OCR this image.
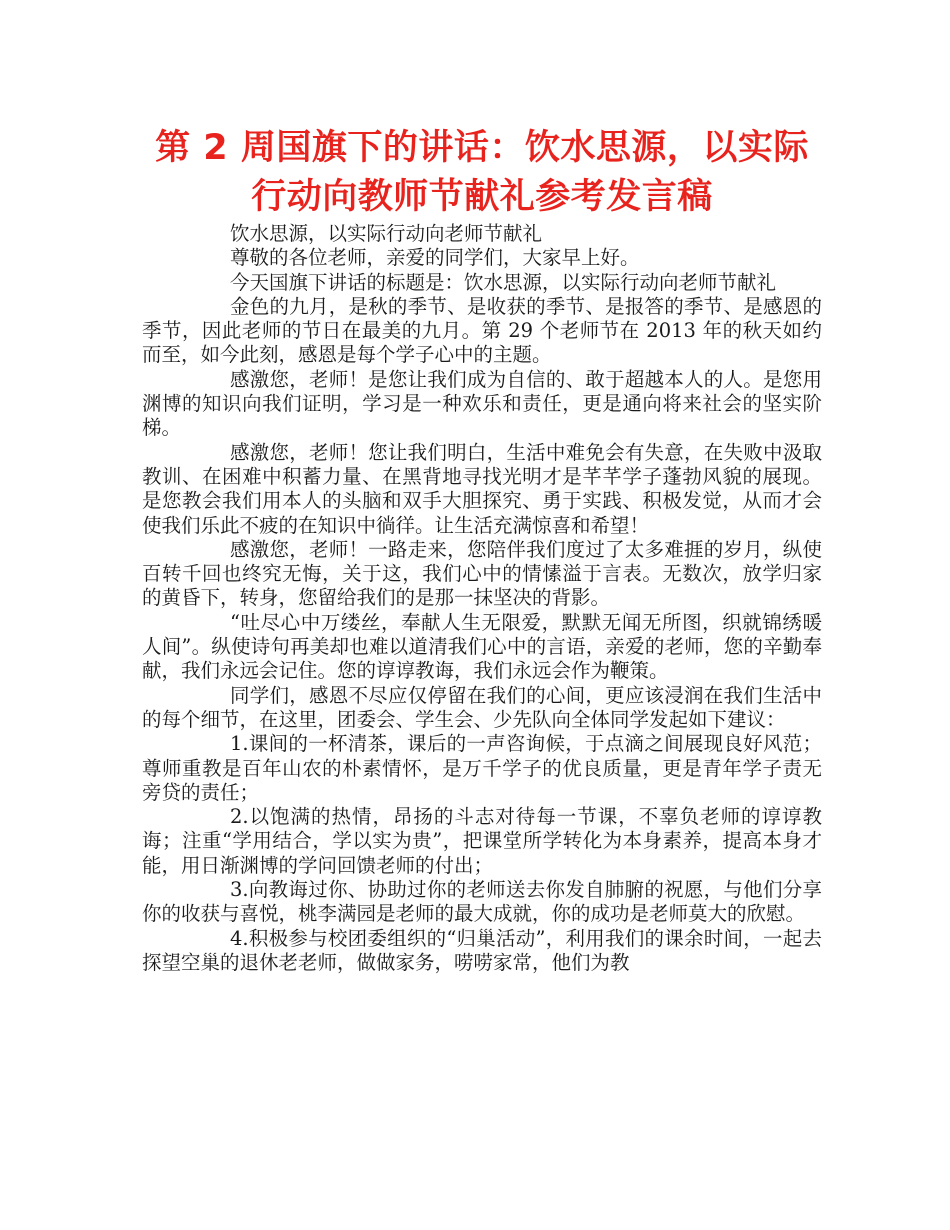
第 2 周国旗下的讲话：饮水思源，以实际
行动向教师节献礼参考发言稿

饮水思源，以实际行动向老师节献礼

尊敬的各位老师，亲爱的同学们，大家早上好。

今天国旗下讲话的标题是：饮水思源，以实际行动向老师节献礼

金色的九月，是秋的季节、是收获的季节、是报答的季节、是感恩的季节，因此老师的节日在最美的九月。第 29 个老师节在 2013 年的秋天如约而至，如今此刻，感恩是每个学子心中的主题。

感激您，老师！是您让我们成为自信的、敢于超越本人的人。是您用渊博的知识向我们证明，学习是一种欢乐和责任，更是通向将来社会的坚实阶梯。

感激您，老师！您让我们明白，生活中难免会有失意，在失败中汲取教训、在困难中积蓄力量、在黑背地寻找光明才是芊芊学子蓬勃风貌的展现。是您教会我们用本人的头脑和双手大胆探究、勇于实践、积极发觉，从而才会使我们乐此不疲的在知识中徜徉。让生活充满惊喜和希望！

感激您，老师！一路走来，您陪伴我们度过了太多难捱的岁月，纵使百转千回也终究无悔，关于这，我们心中的情愫溢于言表。无数次，放学归家的黄昏下，转身，您留给我们的是那一抹坚决的背影。

“吐尽心中万缕丝，奉献人生无限爱，默默无闻无所图，织就锦绣暖人间”。纵使诗句再美却也难以道清我们心中的言语，亲爱的老师，您的辛勤奉献，我们永远会记住。您的谆谆教诲，我们永远会作为鞭策。

同学们，感恩不尽应仅停留在我们的心间，更应该浸润在我们生活中的每个细节，在这里，团委会、学生会、少先队向全体同学发起如下建议：

1.课间的一杯清茶，课后的一声咨询候，于点滴之间展现良好风范；尊师重教是百年山农的朴素情怀，是万千学子的优良质量，更是青年学子责无旁贷的责任；

2.以饱满的热情，昂扬的斗志对待每一节课，不辜负老师的谆谆教诲；注重“学用结合，学以实为贵”，把课堂所学转化为本身素养，提高本身才能，用日渐渊博的学问回馈老师的付出；

3.向教诲过你、协助过你的老师送去你发自肺腑的祝愿，与他们分享你的收获与喜悦，桃李满园是老师的最大成就，你的成功是老师莫大的欣慰。

4.积极参与校团委组织的“归巢活动”，利用我们的课余时间，一起去探望空巢的退休老老师，做做家务，唠唠家常，他们为教
